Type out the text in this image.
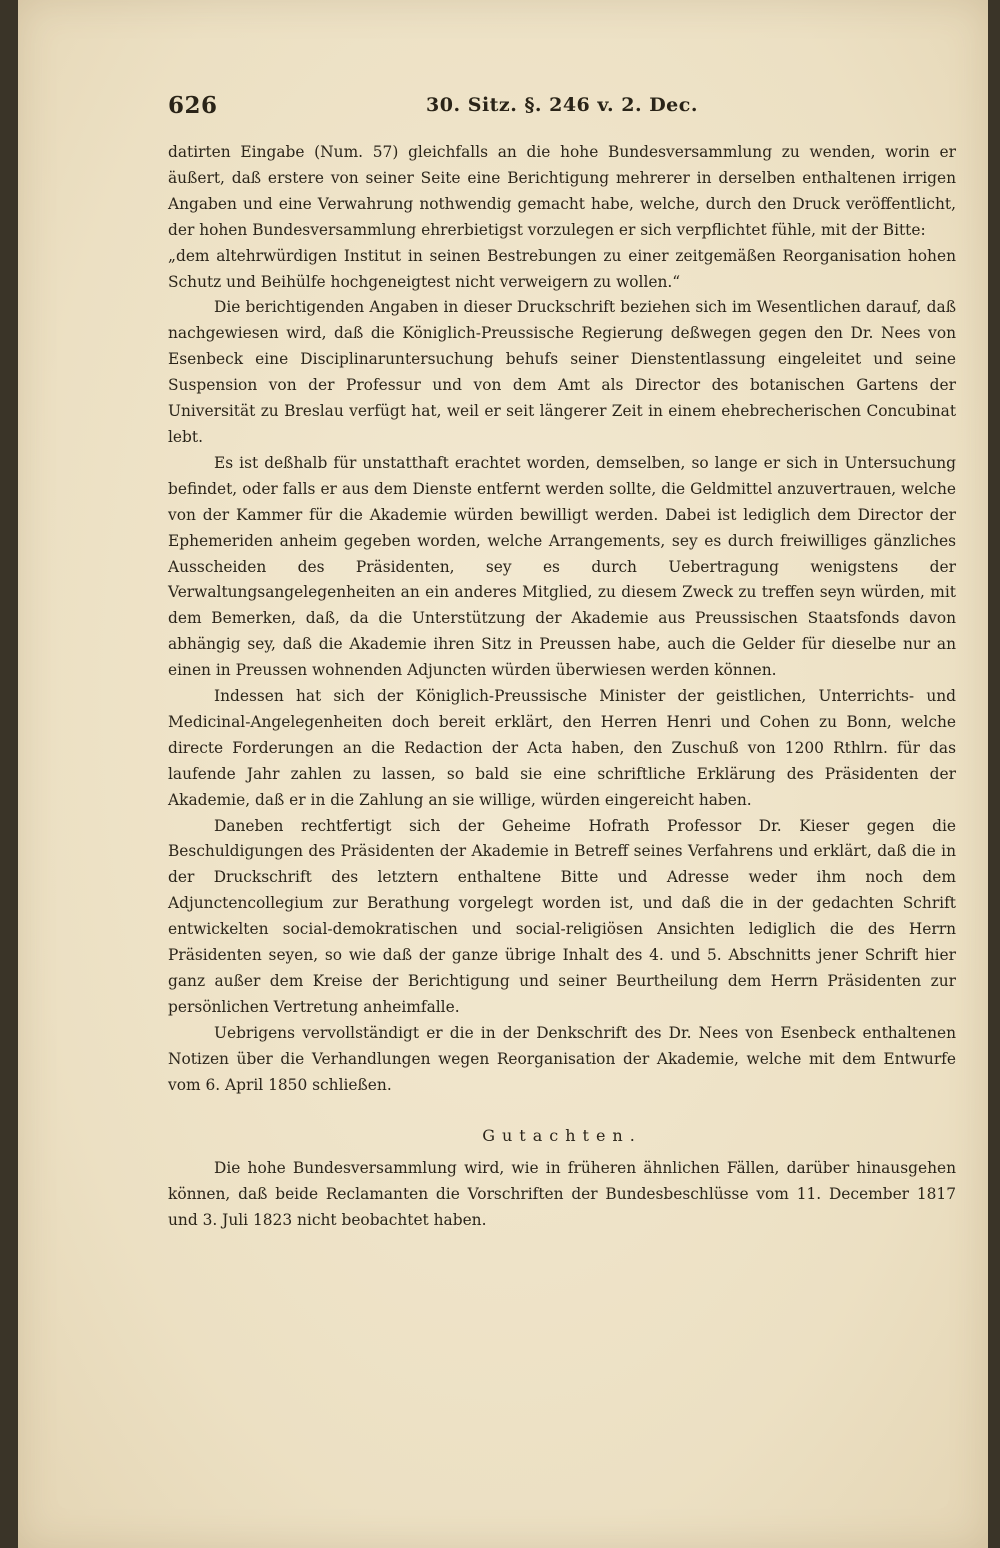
626	30. Sitz. §. 246 v. 2. Dec.

datirten Eingabe (Num. 57) gleichfalls an die hohe Bundesversammlung zu wenden, worin er äußert, daß erstere von seiner Seite eine Berichtigung mehrerer in derselben enthaltenen irrigen Angaben und eine Verwahrung nothwendig gemacht habe, welche, durch den Druck veröffentlicht, der hohen Bundesversammlung ehrerbietigst vorzulegen er sich verpflichtet fühle, mit der Bitte:

„dem altehrwürdigen Institut in seinen Bestrebungen zu einer zeitgemäßen Reorganisation hohen Schutz und Beihülfe hochgeneigtest nicht verweigern zu wollen.“

Die berichtigenden Angaben in dieser Druckschrift beziehen sich im Wesentlichen darauf, daß nachgewiesen wird, daß die Königlich-Preussische Regierung deßwegen gegen den Dr. Nees von Esenbeck eine Disciplinaruntersuchung behufs seiner Dienstentlassung eingeleitet und seine Suspension von der Professur und von dem Amt als Director des botanischen Gartens der Universität zu Breslau verfügt hat, weil er seit längerer Zeit in einem ehebrecherischen Concubinat lebt.

Es ist deßhalb für unstatthaft erachtet worden, demselben, so lange er sich in Untersuchung befindet, oder falls er aus dem Dienste entfernt werden sollte, die Geldmittel anzuvertrauen, welche von der Kammer für die Akademie würden bewilligt werden. Dabei ist lediglich dem Director der Ephemeriden anheim gegeben worden, welche Arrangements, sey es durch freiwilliges gänzliches Ausscheiden des Präsidenten, sey es durch Uebertragung wenigstens der Verwaltungsangelegenheiten an ein anderes Mitglied, zu diesem Zweck zu treffen seyn würden, mit dem Bemerken, daß, da die Unterstützung der Akademie aus Preussischen Staatsfonds davon abhängig sey, daß die Akademie ihren Sitz in Preussen habe, auch die Gelder für dieselbe nur an einen in Preussen wohnenden Adjuncten würden überwiesen werden können.

Indessen hat sich der Königlich-Preussische Minister der geistlichen, Unterrichts- und Medicinal-Angelegenheiten doch bereit erklärt, den Herren Henri und Cohen zu Bonn, welche directe Forderungen an die Redaction der Acta haben, den Zuschuß von 1200 Rthlrn. für das laufende Jahr zahlen zu lassen, so bald sie eine schriftliche Erklärung des Präsidenten der Akademie, daß er in die Zahlung an sie willige, würden eingereicht haben.

Daneben rechtfertigt sich der Geheime Hofrath Professor Dr. Kieser gegen die Beschuldigungen des Präsidenten der Akademie in Betreff seines Verfahrens und erklärt, daß die in der Druckschrift des letztern enthaltene Bitte und Adresse weder ihm noch dem Adjunctencollegium zur Berathung vorgelegt worden ist, und daß die in der gedachten Schrift entwickelten social-demokratischen und social-religiösen Ansichten lediglich die des Herrn Präsidenten seyen, so wie daß der ganze übrige Inhalt des 4. und 5. Abschnitts jener Schrift hier ganz außer dem Kreise der Berichtigung und seiner Beurtheilung dem Herrn Präsidenten zur persönlichen Vertretung anheimfalle.

Uebrigens vervollständigt er die in der Denkschrift des Dr. Nees von Esenbeck enthaltenen Notizen über die Verhandlungen wegen Reorganisation der Akademie, welche mit dem Entwurfe vom 6. April 1850 schließen.

Gutachten.

Die hohe Bundesversammlung wird, wie in früheren ähnlichen Fällen, darüber hinausgehen können, daß beide Reclamanten die Vorschriften der Bundesbeschlüsse vom 11. December 1817 und 3. Juli 1823 nicht beobachtet haben.
